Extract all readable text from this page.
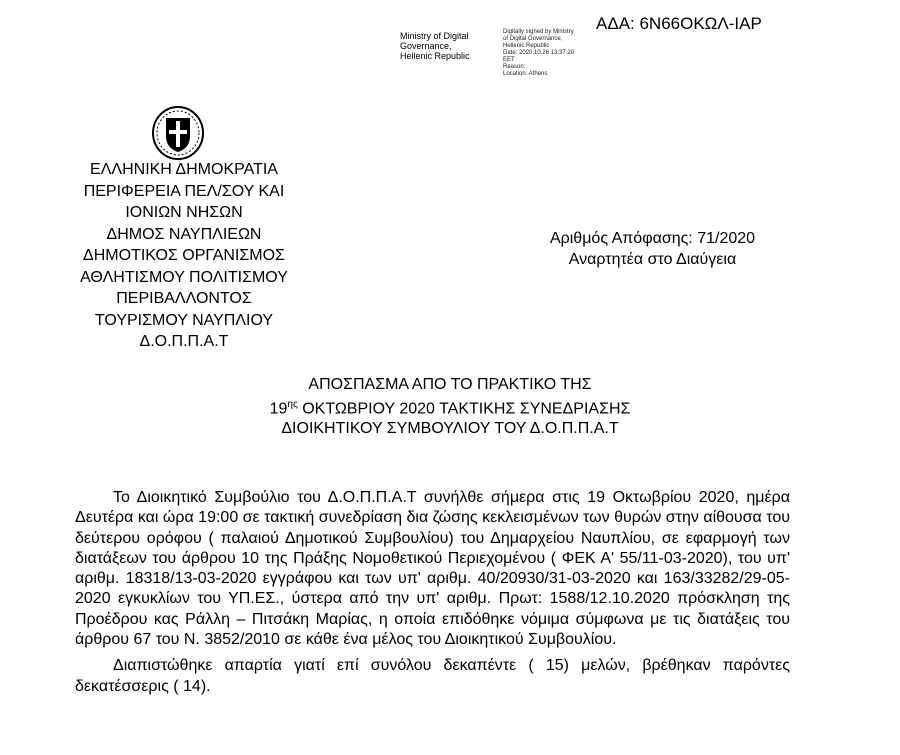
ΑΔΑ: 6Ν66ΟΚΩΛ-ΙΑΡ
Ministry of Digital
Governance,
Hellenic Republic
Digitally signed by Ministry
of Digital Governance,
Hellenic Republic
Date: 2020.10.26 13:37:20
EET
Reason:
Location: Athens
ΕΛΛΗΝΙΚΗ ΔΗΜΟΚΡΑΤΙΑ
ΠΕΡΙΦΕΡΕΙΑ ΠΕΛ/ΣΟΥ ΚΑΙ
ΙΟΝΙΩΝ ΝΗΣΩΝ
ΔΗΜΟΣ ΝΑΥΠΛΙΕΩΝ
ΔΗΜΟΤΙΚΟΣ ΟΡΓΑΝΙΣΜΟΣ
ΑΘΛΗΤΙΣΜΟΥ ΠΟΛΙΤΙΣΜΟΥ
ΠΕΡΙΒΑΛΛΟΝΤΟΣ
ΤΟΥΡΙΣΜΟΥ ΝΑΥΠΛΙΟΥ
Δ.Ο.Π.Π.Α.Τ
Αριθμός Απόφασης: 71/2020
Αναρτητέα στο Διαύγεια
ΑΠΟΣΠΑΣΜΑ ΑΠΟ ΤΟ ΠΡΑΚΤΙΚΟ ΤΗΣ
$19^{\eta\varsigma}$ ΟΚΤΩΒΡΙΟΥ 2020 ΤΑΚΤΙΚΗΣ ΣΥΝΕΔΡΙΑΣΗΣ
ΔΙΟΙΚΗΤΙΚΟΥ ΣΥΜΒΟΥΛΙΟΥ ΤΟΥ Δ.Ο.Π.Π.Α.Τ

Το Διοικητικό Συμβούλιο του Δ.Ο.Π.Π.Α.Τ συνήλθε σήμερα στις 19 Οκτωβρίου 2020, ημέρα Δευτέρα και ώρα 19:00 σε τακτική συνεδρίαση δια ζώσης κεκλεισμένων των θυρών στην αίθουσα του δεύτερου ορόφου ( παλαιού Δημοτικού Συμβουλίου) του Δημαρχείου Ναυπλίου, σε εφαρμογή των διατάξεων του άρθρου 10 της Πράξης Νομοθετικού Περιεχομένου ( ΦΕΚ Α' 55/11-03-2020), του υπ' αριθμ. 18318/13-03-2020 εγγράφου και των υπ' αριθμ. 40/20930/31-03-2020 και 163/33282/29-05-2020 εγκυκλίων του ΥΠ.ΕΣ., ύστερα από την υπ' αριθμ. Πρωτ: 1588/12.10.2020 πρόσκληση της Προέδρου κας Ράλλη – Πιτσάκη Μαρίας, η οποία επιδόθηκε νόμιμα σύμφωνα με τις διατάξεις του άρθρου 67 του Ν. 3852/2010 σε κάθε ένα μέλος του Διοικητικού Συμβουλίου.

Διαπιστώθηκε απαρτία γιατί επί συνόλου δεκαπέντε ( 15) μελών, βρέθηκαν παρόντες δεκατέσσερις ( 14).
